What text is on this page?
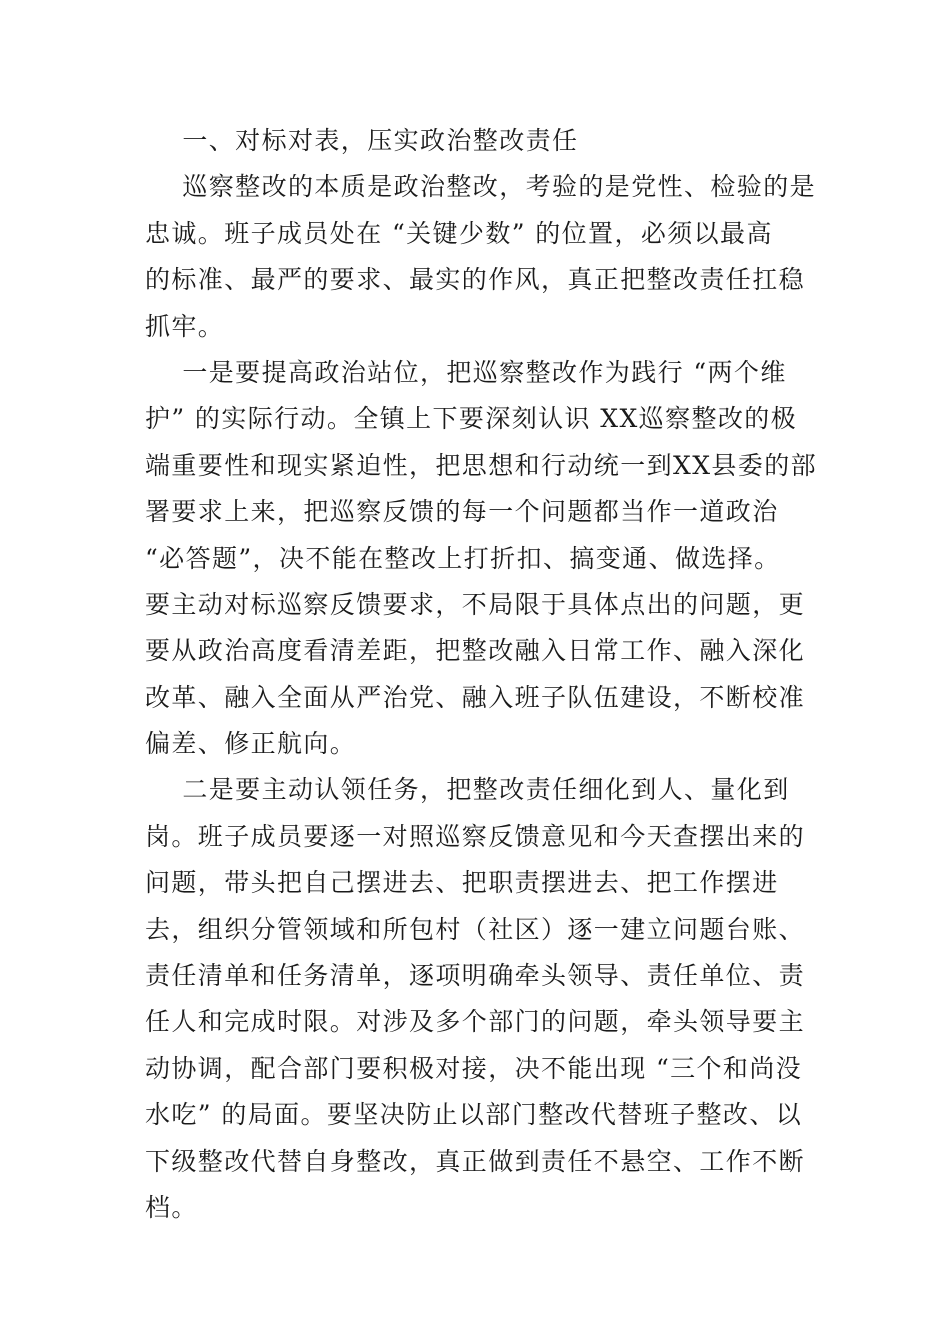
一、对标对表，压实政治整改责任
巡察整改的本质是政治整改，考验的是党性、检验的是
忠诚。班子成员处在 “关键少数” 的位置，必须以最高
的标准、最严的要求、最实的作风，真正把整改责任扛稳
抓牢。
一是要提高政治站位，把巡察整改作为践行 “两个维
护” 的实际行动。全镇上下要深刻认识 XX巡察整改的极
端重要性和现实紧迫性，把思想和行动统一到XX县委的部
署要求上来，把巡察反馈的每一个问题都当作一道政治
“必答题”，决不能在整改上打折扣、搞变通、做选择。
要主动对标巡察反馈要求，不局限于具体点出的问题，更
要从政治高度看清差距，把整改融入日常工作、融入深化
改革、融入全面从严治党、融入班子队伍建设，不断校准
偏差、修正航向。
二是要主动认领任务，把整改责任细化到人、量化到
岗。班子成员要逐一对照巡察反馈意见和今天查摆出来的
问题，带头把自己摆进去、把职责摆进去、把工作摆进
去，组织分管领域和所包村（社区）逐一建立问题台账、
责任清单和任务清单，逐项明确牵头领导、责任单位、责
任人和完成时限。对涉及多个部门的问题，牵头领导要主
动协调，配合部门要积极对接，决不能出现 “三个和尚没
水吃” 的局面。要坚决防止以部门整改代替班子整改、以
下级整改代替自身整改，真正做到责任不悬空、工作不断
档。
